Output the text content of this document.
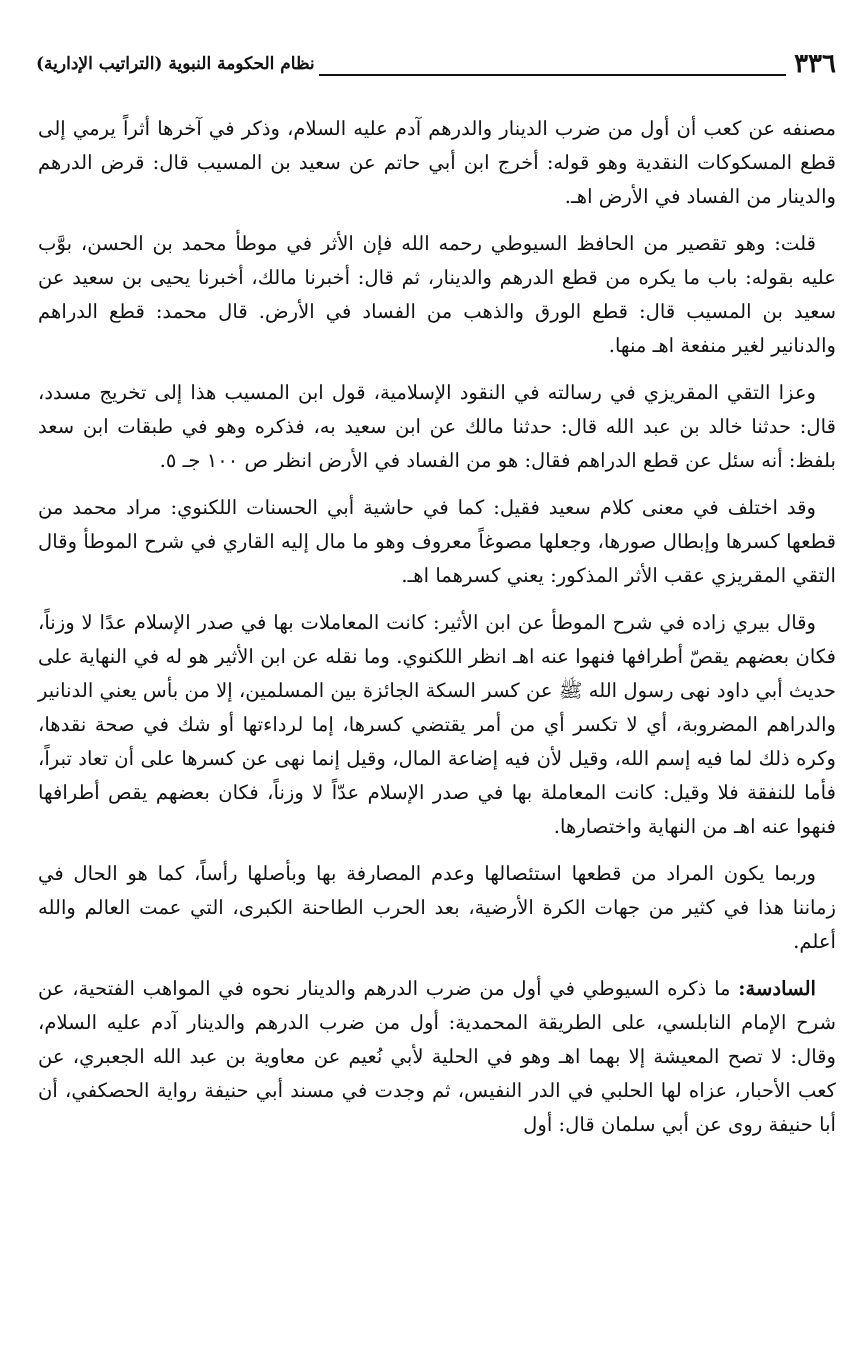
٣٣٦
نظام الحكومة النبوية (التراتيب الإدارية)

مصنفه عن كعب أن أول من ضرب الدينار والدرهم آدم عليه السلام، وذكر في آخرها أثراً يرمي إلى قطع المسكوكات النقدية وهو قوله: أخرج ابن أبي حاتم عن سعيد بن المسيب قال: قرض الدرهم والدينار من الفساد في الأرض اهـ.

قلت: وهو تقصير من الحافظ السيوطي رحمه الله فإن الأثر في موطأ محمد بن الحسن، بوَّب عليه بقوله: باب ما يكره من قطع الدرهم والدينار، ثم قال: أخبرنا مالك، أخبرنا يحيى بن سعيد عن سعيد بن المسيب قال: قطع الورق والذهب من الفساد في الأرض. قال محمد: قطع الدراهم والدنانير لغير منفعة اهـ منها.

وعزا التقي المقريزي في رسالته في النقود الإسلامية، قول ابن المسيب هذا إلى تخريج مسدد، قال: حدثنا خالد بن عبد الله قال: حدثنا مالك عن ابن سعيد به، فذكره وهو في طبقات ابن سعد بلفظ: أنه سئل عن قطع الدراهم فقال: هو من الفساد في الأرض انظر ص ١٠٠ جـ ٥.

وقد اختلف في معنى كلام سعيد فقيل: كما في حاشية أبي الحسنات اللكنوي: مراد محمد من قطعها كسرها وإبطال صورها، وجعلها مصوغاً معروف وهو ما مال إليه القاري في شرح الموطأ وقال التقي المقريزي عقب الأثر المذكور: يعني كسرهما اهـ.

وقال بيري زاده في شرح الموطأ عن ابن الأثير: كانت المعاملات بها في صدر الإسلام عدًا لا وزناً، فكان بعضهم يقصّ أطرافها فنهوا عنه اهـ انظر اللكنوي. وما نقله عن ابن الأثير هو له في النهاية على حديث أبي داود نهى رسول الله ﷺ عن كسر السكة الجائزة بين المسلمين، إلا من بأس يعني الدنانير والدراهم المضروبة، أي لا تكسر أي من أمر يقتضي كسرها، إما لرداءتها أو شك في صحة نقدها، وكره ذلك لما فيه إسم الله، وقيل لأن فيه إضاعة المال، وقيل إنما نهى عن كسرها على أن تعاد تبراً، فأما للنفقة فلا وقيل: كانت المعاملة بها في صدر الإسلام عدّاً لا وزناً، فكان بعضهم يقص أطرافها فنهوا عنه اهـ من النهاية واختصارها.

وربما يكون المراد من قطعها استئصالها وعدم المصارفة بها وبأصلها رأساً، كما هو الحال في زماننا هذا في كثير من جهات الكرة الأرضية، بعد الحرب الطاحنة الكبرى، التي عمت العالم والله أعلم.

السادسة: ما ذكره السيوطي في أول من ضرب الدرهم والدينار نحوه في المواهب الفتحية، عن شرح الإمام النابلسي، على الطريقة المحمدية: أول من ضرب الدرهم والدينار آدم عليه السلام، وقال: لا تصح المعيشة إلا بهما اهـ وهو في الحلية لأبي نُعيم عن معاوية بن عبد الله الجعبري، عن كعب الأحبار، عزاه لها الحلبي في الدر النفيس، ثم وجدت في مسند أبي حنيفة رواية الحصكفي، أن أبا حنيفة روى عن أبي سلمان قال: أول
